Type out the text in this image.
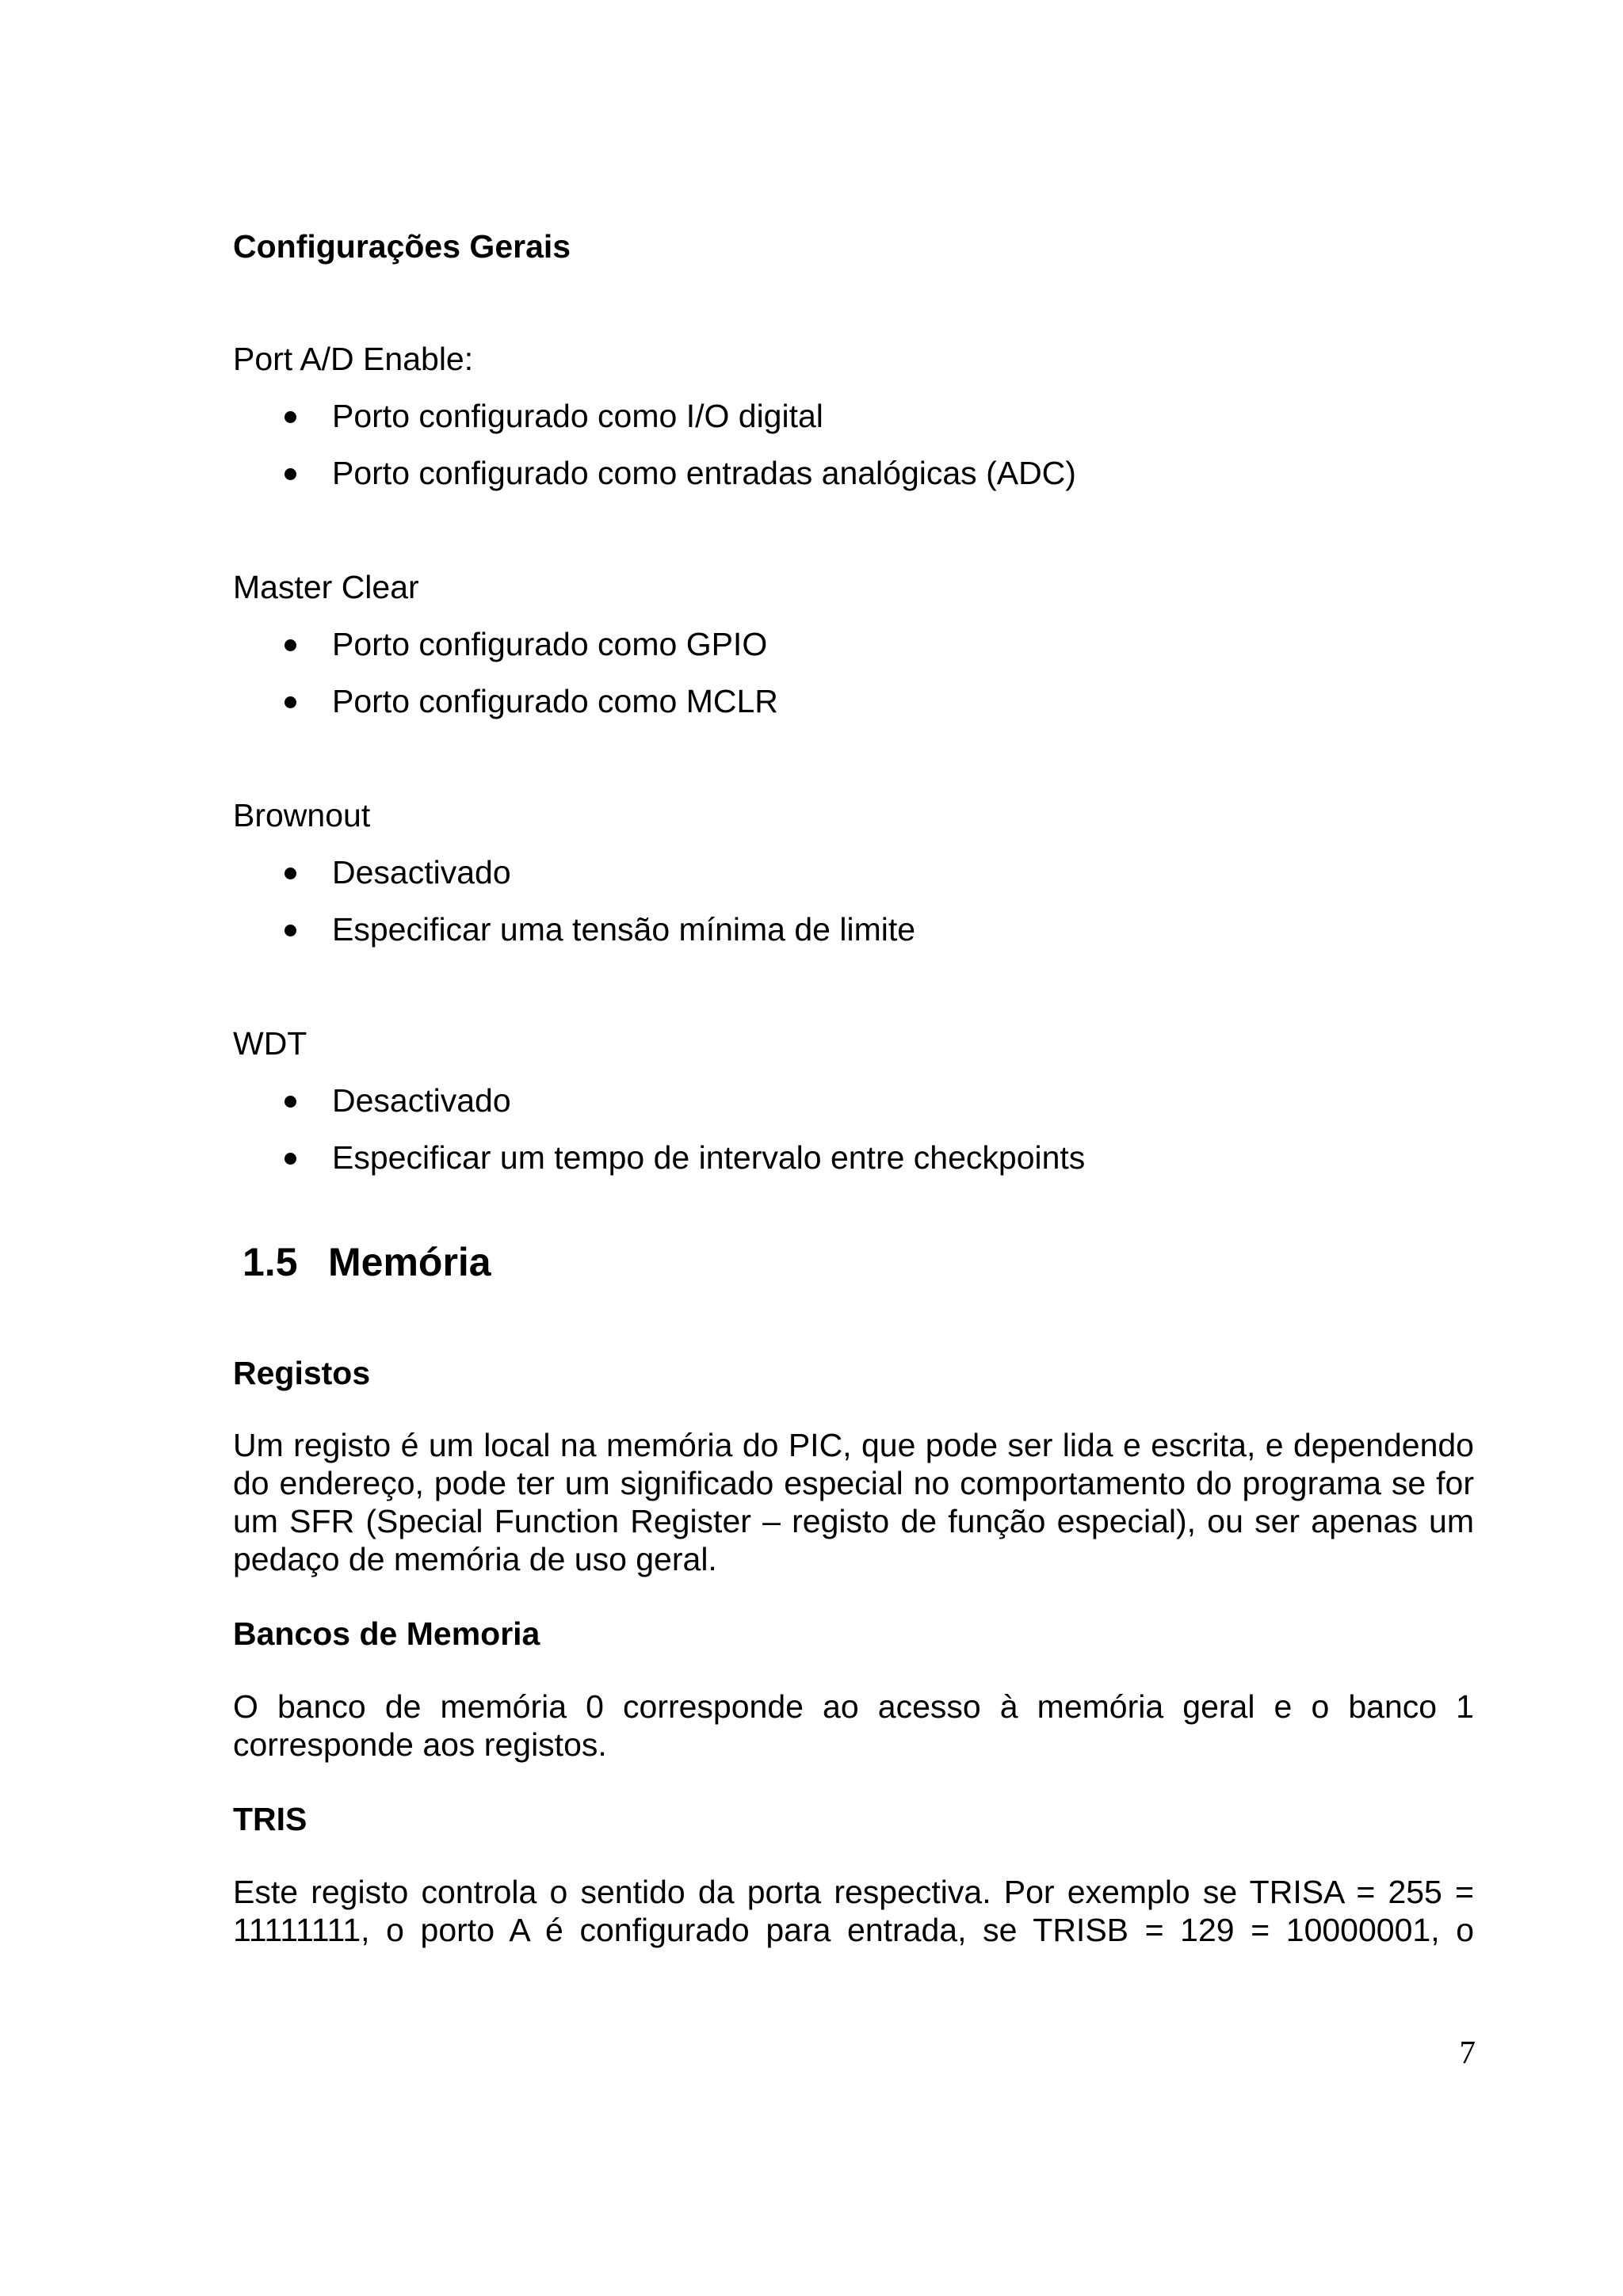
Configurações Gerais

Port A/D Enable:

Porto configurado como I/O digital
Porto configurado como entradas analógicas (ADC)

Master Clear

Porto configurado como GPIO
Porto configurado como MCLR

Brownout

Desactivado
Especificar uma tensão mínima de limite

WDT

Desactivado
Especificar um tempo de intervalo entre checkpoints
1.5 Memória
Registos

Um registo é um local na memória do PIC, que pode ser lida e escrita, e dependendo do endereço, pode ter um significado especial no comportamento do programa se for um SFR (Special Function Register – registo de função especial), ou ser apenas um pedaço de memória de uso geral.

Bancos de Memoria

O banco de memória 0 corresponde ao acesso à memória geral e o banco 1 corresponde aos registos.

TRIS

Este registo controla o sentido da porta respectiva. Por exemplo se TRISA = 255 = 11111111, o porto A é configurado para entrada, se TRISB = 129 = 10000001, o

7
